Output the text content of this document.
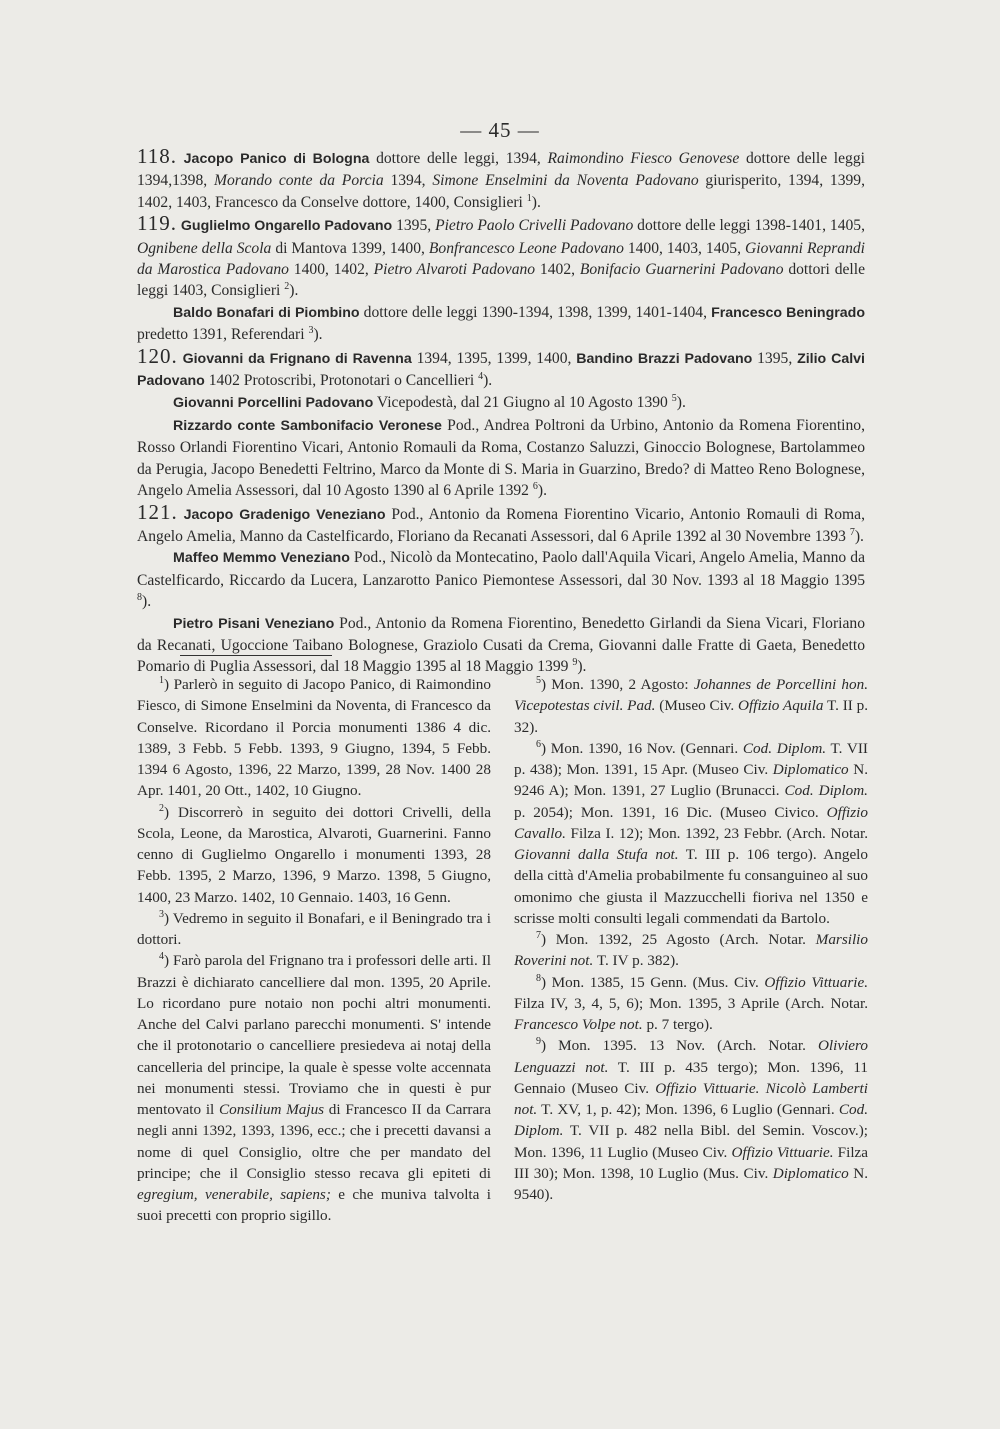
— 45 —

118. Jacopo Panico di Bologna dottore delle leggi, 1394, Raimondino Fiesco Genovese dottore delle leggi 1394,1398, Morando conte da Porcia 1394, Simone Enselmini da Noventa Padovano giurisperito, 1394, 1399, 1402, 1403, Francesco da Conselve dottore, 1400, Consiglieri $^1$).

119. Guglielmo Ongarello Padovano 1395, Pietro Paolo Crivelli Padovano dottore delle leggi 1398-1401, 1405, Ognibene della Scola di Mantova 1399, 1400, Bonfrancesco Leone Padovano 1400, 1403, 1405, Giovanni Reprandi da Marostica Padovano 1400, 1402, Pietro Alvaroti Padovano 1402, Bonifacio Guarnerini Padovano dottori delle leggi 1403, Consiglieri $^2$).

Baldo Bonafari di Piombino dottore delle leggi 1390-1394, 1398, 1399, 1401-1404, Francesco Beningrado predetto 1391, Referendari $^3$).

120. Giovanni da Frignano di Ravenna 1394, 1395, 1399, 1400, Bandino Brazzi Padovano 1395, Zilio Calvi Padovano 1402 Protoscribi, Protonotari o Cancellieri $^4$).

Giovanni Porcellini Padovano Vicepodestà, dal 21 Giugno al 10 Agosto 1390 $^5$).

Rizzardo conte Sambonifacio Veronese Pod., Andrea Poltroni da Urbino, Antonio da Romena Fiorentino, Rosso Orlandi Fiorentino Vicari, Antonio Romauli da Roma, Costanzo Saluzzi, Ginoccio Bolognese, Bartolammeo da Perugia, Jacopo Benedetti Feltrino, Marco da Monte di S. Maria in Guarzino, Bredo? di Matteo Reno Bolognese, Angelo Amelia Assessori, dal 10 Agosto 1390 al 6 Aprile 1392 $^6$).

121. Jacopo Gradenigo Veneziano Pod., Antonio da Romena Fiorentino Vicario, Antonio Romauli di Roma, Angelo Amelia, Manno da Castelficardo, Floriano da Recanati Assessori, dal 6 Aprile 1392 al 30 Novembre 1393 $^7$).

Maffeo Memmo Veneziano Pod., Nicolò da Montecatino, Paolo dall'Aquila Vicari, Angelo Amelia, Manno da Castelficardo, Riccardo da Lucera, Lanzarotto Panico Piemontese Assessori, dal 30 Nov. 1393 al 18 Maggio 1395 $^8$).

Pietro Pisani Veneziano Pod., Antonio da Romena Fiorentino, Benedetto Girlandi da Siena Vicari, Floriano da Recanati, Ugoccione Taibano Bolognese, Graziolo Cusati da Crema, Giovanni dalle Fratte di Gaeta, Benedetto Pomario di Puglia Assessori, dal 18 Maggio 1395 al 18 Maggio 1399 $^9$).

$^1$) Parlerò in seguito di Jacopo Panico, di Raimondino Fiesco, di Simone Enselmini da Noventa, di Francesco da Conselve. Ricordano il Porcia monumenti 1386 4 dic. 1389, 3 Febb. 5 Febb. 1393, 9 Giugno, 1394, 5 Febb. 1394 6 Agosto, 1396, 22 Marzo, 1399, 28 Nov. 1400 28 Apr. 1401, 20 Ott., 1402, 10 Giugno.

$^2$) Discorrerò in seguito dei dottori Crivelli, della Scola, Leone, da Marostica, Alvaroti, Guarnerini. Fanno cenno di Guglielmo Ongarello i monumenti 1393, 28 Febb. 1395, 2 Marzo, 1396, 9 Marzo. 1398, 5 Giugno, 1400, 23 Marzo. 1402, 10 Gennaio. 1403, 16 Genn.

$^3$) Vedremo in seguito il Bonafari, e il Beningrado tra i dottori.

$^4$) Farò parola del Frignano tra i professori delle arti. Il Brazzi è dichiarato cancelliere dal mon. 1395, 20 Aprile. Lo ricordano pure notaio non pochi altri monumenti. Anche del Calvi parlano parecchi monumenti. S' intende che il protonotario o cancelliere presiedeva ai notaj della cancelleria del principe, la quale è spesse volte accennata nei monumenti stessi. Troviamo che in questi è pur mentovato il Consilium Majus di Francesco II da Carrara negli anni 1392, 1393, 1396, ecc.; che i precetti davansi a nome di quel Consiglio, oltre che per mandato del principe; che il Consiglio stesso recava gli epiteti di egregium, venerabile, sapiens; e che muniva talvolta i suoi precetti con proprio sigillo.

$^5$) Mon. 1390, 2 Agosto: Johannes de Porcellini hon. Vicepotestas civil. Pad. (Museo Civ. Offizio Aquila T. II p. 32).

$^6$) Mon. 1390, 16 Nov. (Gennari. Cod. Diplom. T. VII p. 438); Mon. 1391, 15 Apr. (Museo Civ. Diplomatico N. 9246 A); Mon. 1391, 27 Luglio (Brunacci. Cod. Diplom. p. 2054); Mon. 1391, 16 Dic. (Museo Civico. Offizio Cavallo. Filza I. 12); Mon. 1392, 23 Febbr. (Arch. Notar. Giovanni dalla Stufa not. T. III p. 106 tergo). Angelo della città d'Amelia probabilmente fu consanguineo al suo omonimo che giusta il Mazzucchelli fioriva nel 1350 e scrisse molti consulti legali commendati da Bartolo.

$^7$) Mon. 1392, 25 Agosto (Arch. Notar. Marsilio Roverini not. T. IV p. 382).

$^8$) Mon. 1385, 15 Genn. (Mus. Civ. Offizio Vittuarie. Filza IV, 3, 4, 5, 6); Mon. 1395, 3 Aprile (Arch. Notar. Francesco Volpe not. p. 7 tergo).

$^9$) Mon. 1395. 13 Nov. (Arch. Notar. Oliviero Lenguazzi not. T. III p. 435 tergo); Mon. 1396, 11 Gennaio (Museo Civ. Offizio Vittuarie. Nicolò Lamberti not. T. XV, 1, p. 42); Mon. 1396, 6 Luglio (Gennari. Cod. Diplom. T. VII p. 482 nella Bibl. del Semin. Voscov.); Mon. 1396, 11 Luglio (Museo Civ. Offizio Vittuarie. Filza III 30); Mon. 1398, 10 Luglio (Mus. Civ. Diplomatico N. 9540).
